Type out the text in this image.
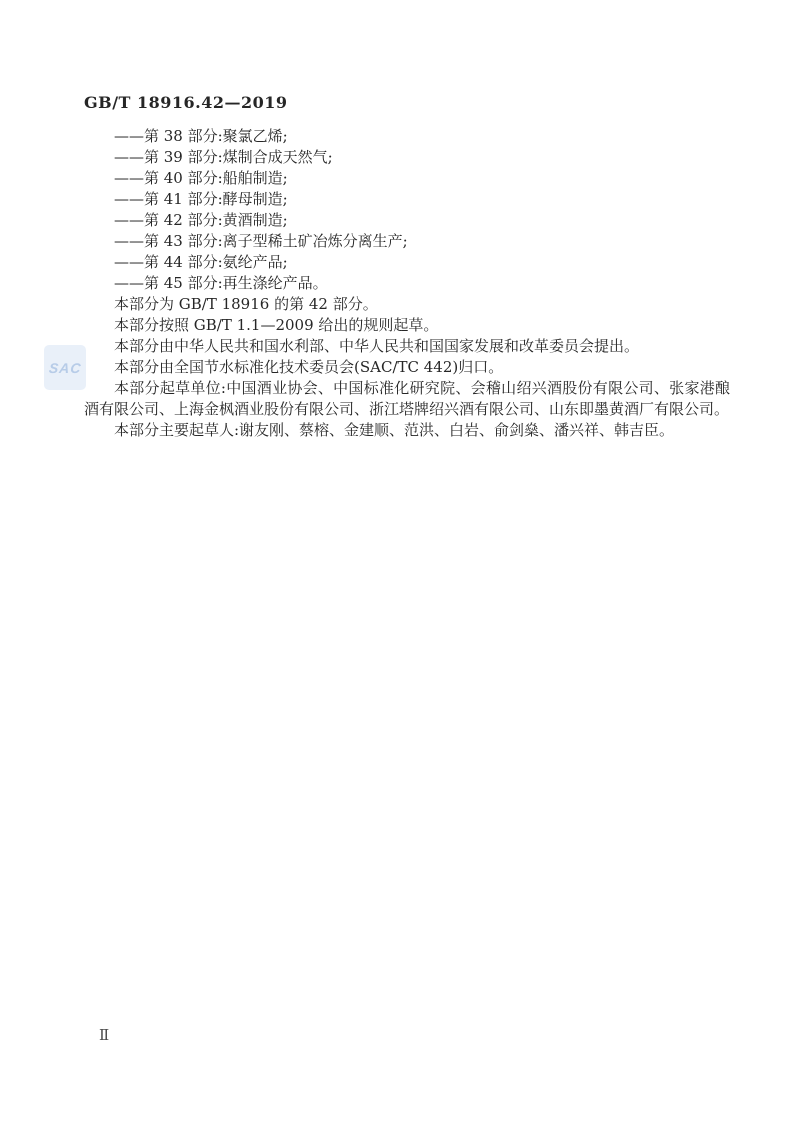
GB/T 18916.42—2019
SAC
——第 38 部分:聚氯乙烯;
——第 39 部分:煤制合成天然气;
——第 40 部分:船舶制造;
——第 41 部分:酵母制造;
——第 42 部分:黄酒制造;
——第 43 部分:离子型稀土矿冶炼分离生产;
——第 44 部分:氨纶产品;
——第 45 部分:再生涤纶产品。

本部分为 GB/T 18916 的第 42 部分。

本部分按照 GB/T 1.1—2009 给出的规则起草。

本部分由中华人民共和国水利部、中华人民共和国国家发展和改革委员会提出。

本部分由全国节水标准化技术委员会(SAC/TC 442)归口。

本部分起草单位:中国酒业协会、中国标准化研究院、会稽山绍兴酒股份有限公司、张家港酿酒有限公司、上海金枫酒业股份有限公司、浙江塔牌绍兴酒有限公司、山东即墨黄酒厂有限公司。

本部分主要起草人:谢友刚、蔡榕、金建顺、范洪、白岩、俞剑燊、潘兴祥、韩吉臣。

Ⅱ
